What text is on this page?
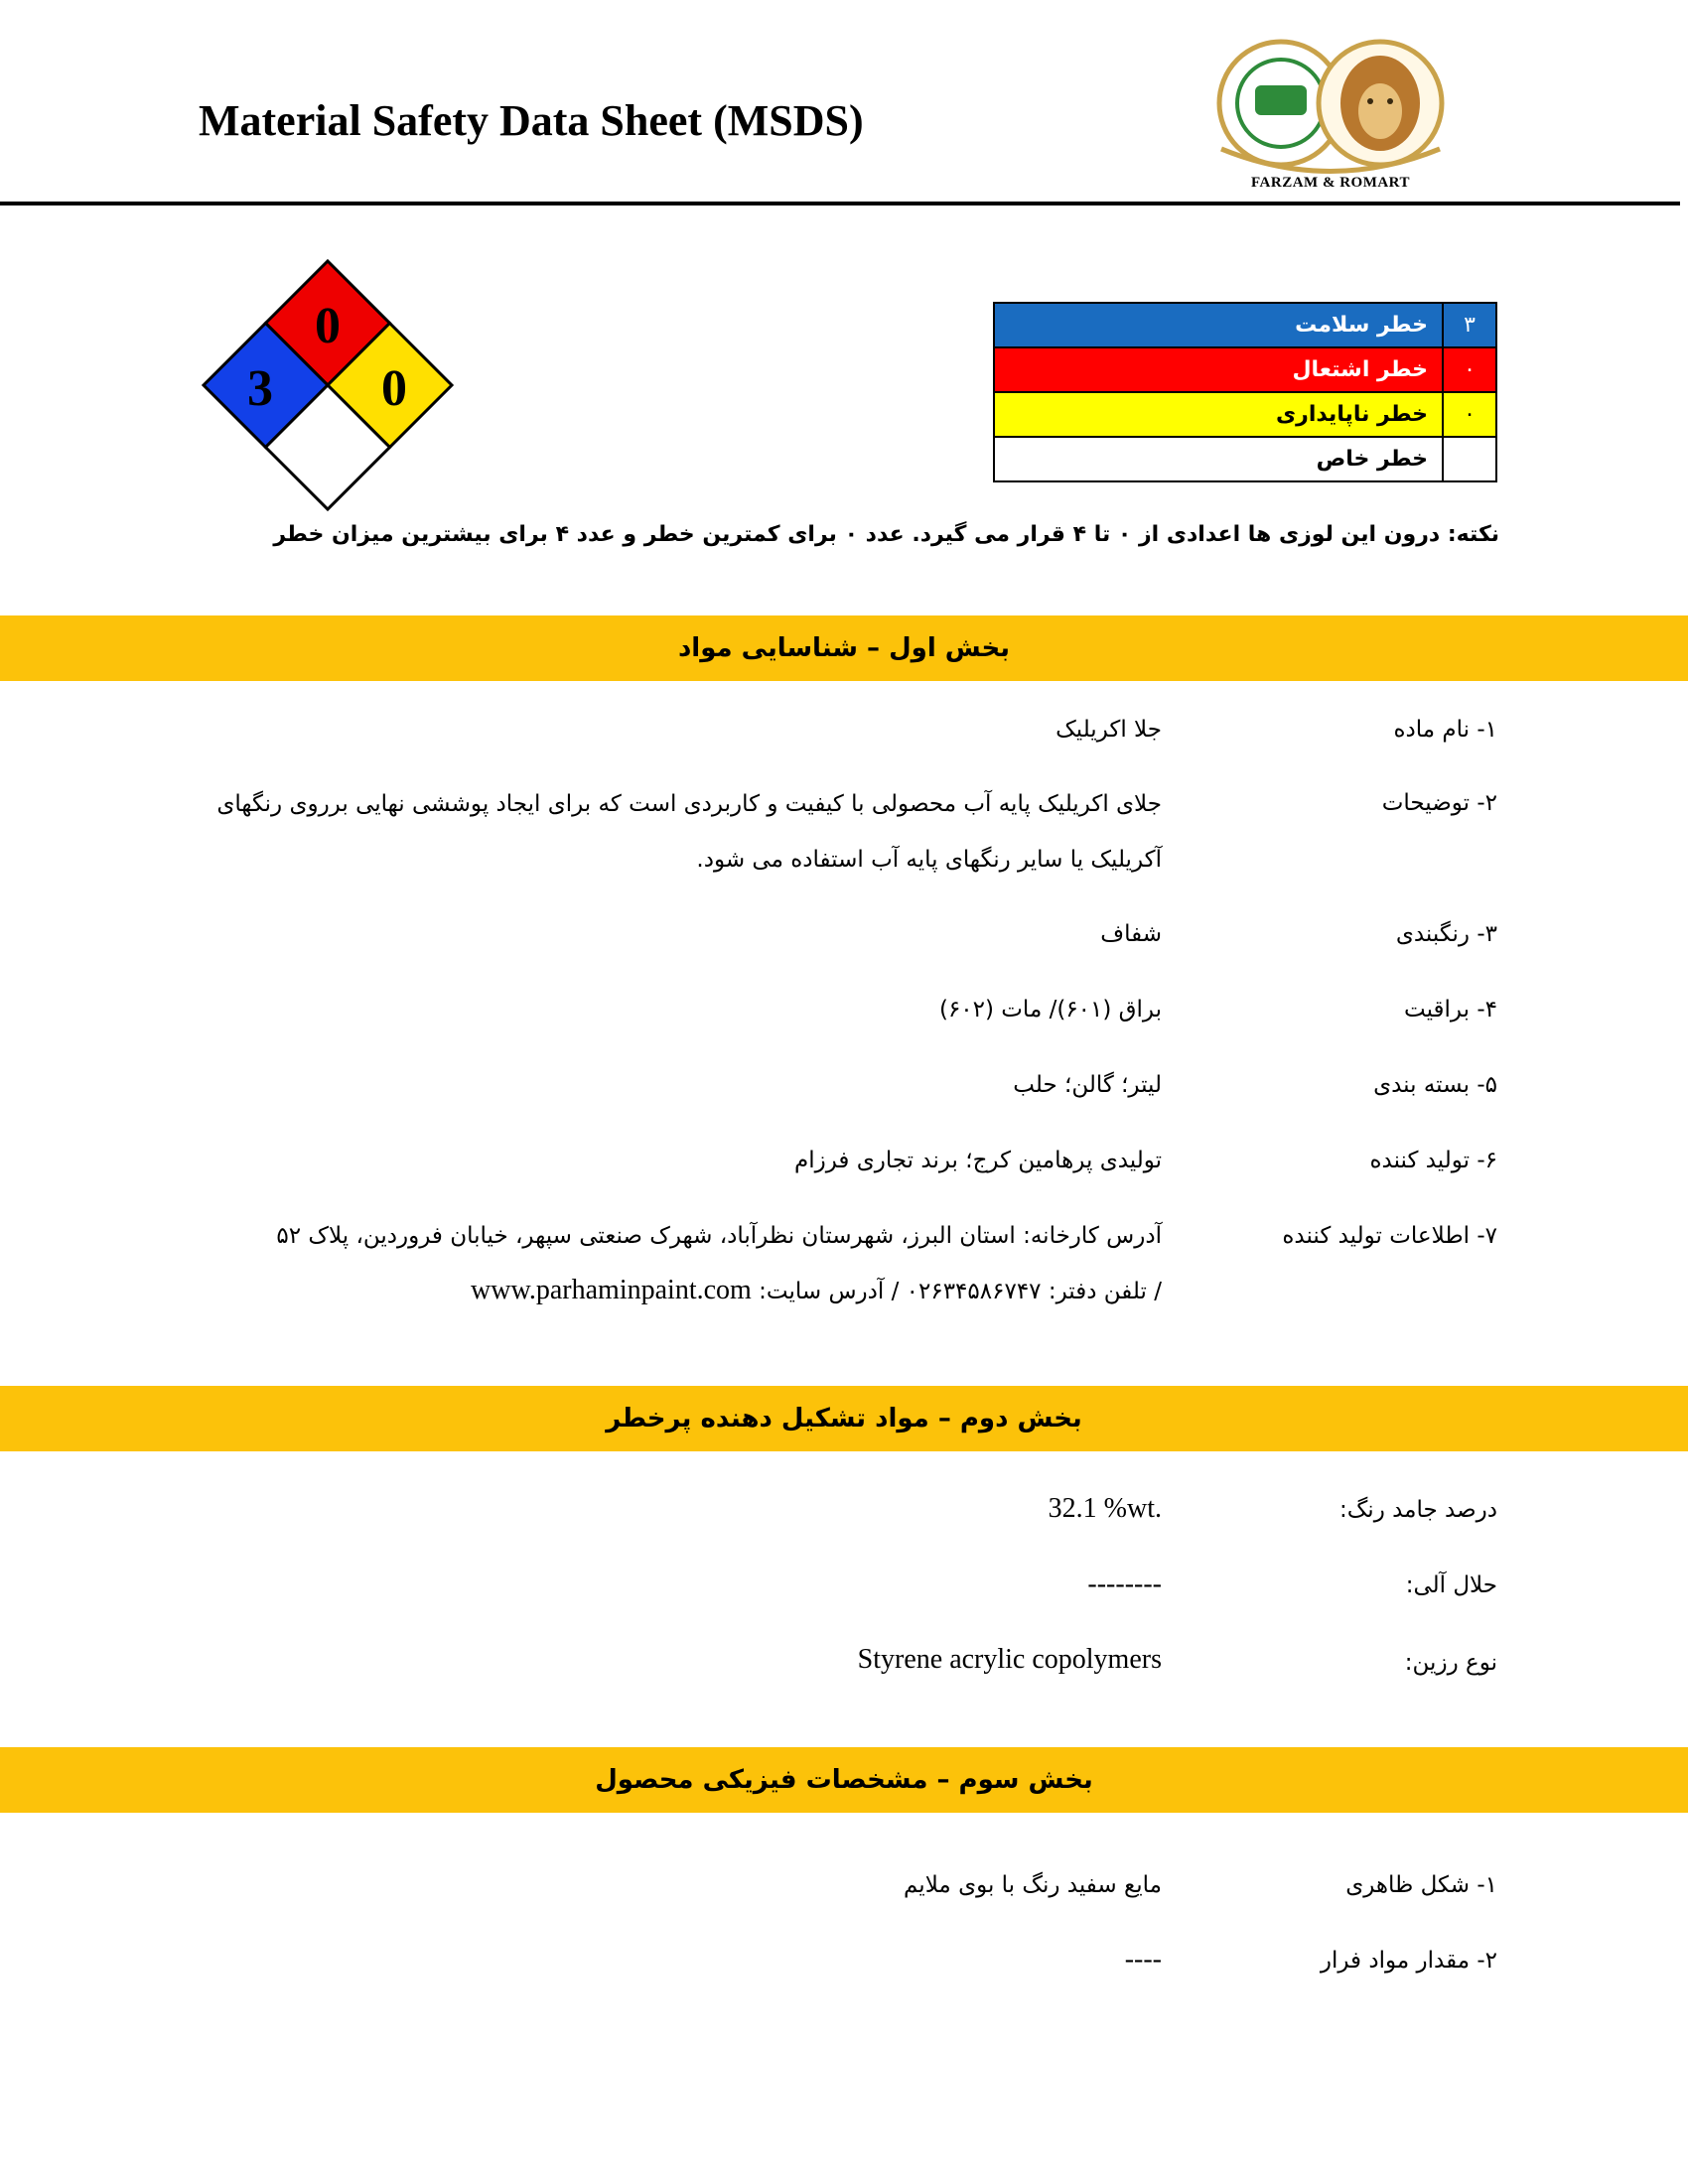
Material Safety Data Sheet (MSDS)
FARZAM & ROMART
0
3 0
۳	خطر سلامت
۰	خطر اشتعال
۰	خطر ناپایداری
	خطر خاص
نکته: درون این لوزی ها اعدادی از ۰ تا ۴ قرار می گیرد. عدد ۰ برای کمترین خطر و عدد ۴ برای بیشترین میزان خطر
بخش اول – شناسایی مواد
۱- نام ماده
جلا اکریلیک
۲- توضیحات
جلای اکریلیک پایه آب محصولی با کیفیت و کاربردی است که برای ایجاد پوششی نهایی برروی رنگهای آکریلیک یا سایر رنگهای پایه آب استفاده می شود.
۳- رنگبندی
شفاف
۴- براقیت
براق (۶۰۱)/ مات (۶۰۲)
۵- بسته بندی
لیتر؛ گالن؛ حلب
۶- تولید کننده
تولیدی پرهامین کرج؛ برند تجاری فرزام
۷- اطلاعات تولید کننده
آدرس کارخانه: استان البرز، شهرستان نظرآباد، شهرک صنعتی سپهر، خیابان فروردین، پلاک ۵۲
/ تلفن دفتر: ۰۲۶۳۴۵۸۶۷۴۷ / آدرس سایت: www.parhaminpaint.com
بخش دوم – مواد تشکیل دهنده پرخطر
درصد جامد رنگ:
32.1 %wt.
حلال آلی:
--------
نوع رزین:
Styrene acrylic copolymers
بخش سوم – مشخصات فیزیکی محصول
۱- شکل ظاهری
مایع سفید رنگ با بوی ملایم
۲- مقدار مواد فرار
----
